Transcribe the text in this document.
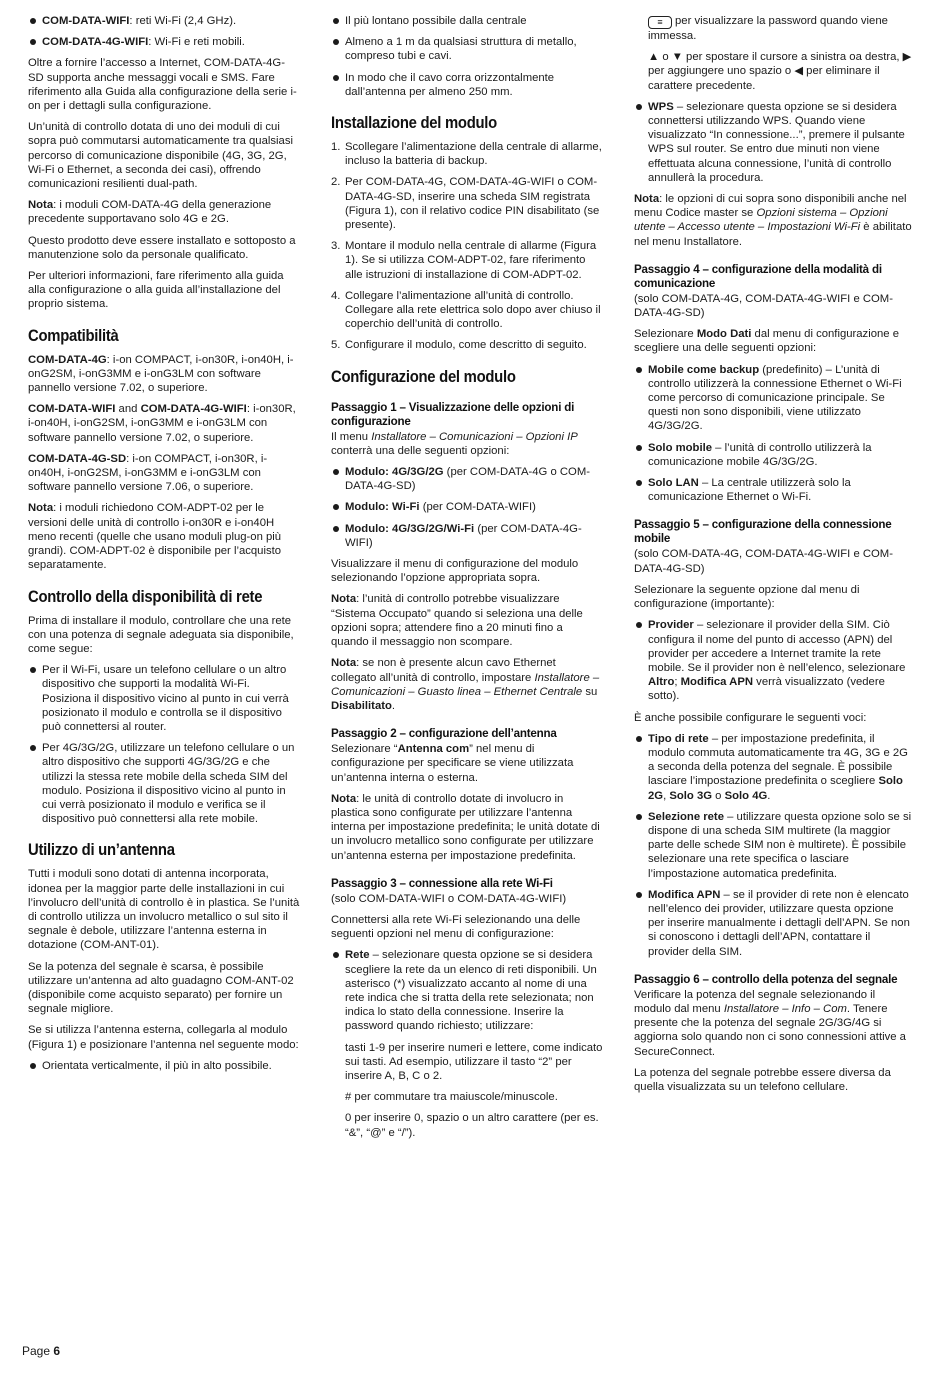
COM-DATA-WIFI: reti Wi-Fi (2,4 GHz).
COM-DATA-4G-WIFI: Wi-Fi e reti mobili.

Oltre a fornire l’accesso a Internet, COM-DATA-4G-SD supporta anche messaggi vocali e SMS. Fare riferimento alla Guida alla configurazione della serie i-on per i dettagli sulla configurazione.

Un’unità di controllo dotata di uno dei moduli di cui sopra può commutarsi automaticamente tra qualsiasi percorso di comunicazione disponibile (4G, 3G, 2G, Wi-Fi o Ethernet, a seconda dei casi), offrendo comunicazioni resilienti dual-path.

Nota: i moduli COM-DATA-4G della generazione precedente supportavano solo 4G e 2G.

Questo prodotto deve essere installato e sottoposto a manutenzione solo da personale qualificato.

Per ulteriori informazioni, fare riferimento alla guida alla configurazione o alla guida all’installazione del proprio sistema.

Compatibilità

COM-DATA-4G: i-on COMPACT, i-on30R, i-on40H, i-onG2SM, i-onG3MM e i-onG3LM con software pannello versione 7.02, o superiore.

COM-DATA-WIFI and COM-DATA-4G-WIFI: i-on30R, i-on40H, i-onG2SM, i-onG3MM e i-onG3LM con software pannello versione 7.02, o superiore.

COM-DATA-4G-SD: i-on COMPACT, i-on30R, i-on40H, i-onG2SM, i-onG3MM e i-onG3LM con software pannello versione 7.06, o superiore.

Nota: i moduli richiedono COM-ADPT-02 per le versioni delle unità di controllo i-on30R e i-on40H meno recenti (quelle che usano moduli plug-on più grandi). COM-ADPT-02 è disponibile per l’acquisto separatamente.

Controllo della disponibilità di rete

Prima di installare il modulo, controllare che una rete con una potenza di segnale adeguata sia disponibile, come segue:

Per il Wi-Fi, usare un telefono cellulare o un altro dispositivo che supporti la modalità Wi-Fi. Posiziona il dispositivo vicino al punto in cui verrà posizionato il modulo e controlla se il dispositivo può connettersi al router.
Per 4G/3G/2G, utilizzare un telefono cellulare o un altro dispositivo che supporti 4G/3G/2G e che utilizzi la stessa rete mobile della scheda SIM del modulo. Posiziona il dispositivo vicino al punto in cui verrà posizionato il modulo e verifica se il dispositivo può connettersi alla rete mobile.
Utilizzo di un’antenna

Tutti i moduli sono dotati di antenna incorporata, idonea per la maggior parte delle installazioni in cui l’involucro dell’unità di controllo è in plastica. Se l’unità di controllo utilizza un involucro metallico o sul sito il segnale è debole, utilizzare l’antenna esterna in dotazione (COM-ANT-01).

Se la potenza del segnale è scarsa, è possibile utilizzare un’antenna ad alto guadagno COM-ANT-02 (disponibile come acquisto separato) per fornire un segnale migliore.

Se si utilizza l’antenna esterna, collegarla al modulo (Figura 1) e posizionare l’antenna nel seguente modo:

Orientata verticalmente, il più in alto possibile.
Il più lontano possibile dalla centrale
Almeno a 1 m da qualsiasi struttura di metallo, compreso tubi e cavi.
In modo che il cavo corra orizzontalmente dall’antenna per almeno 250 mm.
Installazione del modulo
1. Scollegare l’alimentazione della centrale di allarme, incluso la batteria di backup.
2. Per COM-DATA-4G, COM-DATA-4G-WIFI o COM-DATA-4G-SD, inserire una scheda SIM registrata (Figura 1), con il relativo codice PIN disabilitato (se presente).
3. Montare il modulo nella centrale di allarme (Figura 1). Se si utilizza COM-ADPT-02, fare riferimento alle istruzioni di installazione di COM-ADPT-02.
4. Collegare l’alimentazione all’unità di controllo. Collegare alla rete elettrica solo dopo aver chiuso il coperchio dell’unità di controllo.
5. Configurare il modulo, come descritto di seguito.
Configurazione del modulo
Passaggio 1 – Visualizzazione delle opzioni di configurazione

Il menu Installatore – Comunicazioni – Opzioni IP conterrà una delle seguenti opzioni:

Modulo: 4G/3G/2G (per COM-DATA-4G o COM-DATA-4G-SD)
Modulo: Wi-Fi (per COM-DATA-WIFI)
Modulo: 4G/3G/2G/Wi-Fi (per COM-DATA-4G-WIFI)

Visualizzare il menu di configurazione del modulo selezionando l’opzione appropriata sopra.

Nota: l’unità di controllo potrebbe visualizzare “Sistema Occupato” quando si seleziona una delle opzioni sopra; attendere fino a 20 minuti fino a quando il messaggio non scompare.

Nota: se non è presente alcun cavo Ethernet collegato all’unità di controllo, impostare Installatore – Comunicazioni – Guasto linea – Ethernet Centrale su Disabilitato.

Passaggio 2 – configurazione dell’antenna

Selezionare “Antenna com” nel menu di configurazione per specificare se viene utilizzata un’antenna interna o esterna.

Nota: le unità di controllo dotate di involucro in plastica sono configurate per utilizzare l’antenna interna per impostazione predefinita; le unità dotate di un involucro metallico sono configurate per utilizzare un’antenna esterna per impostazione predefinita.

Passaggio 3 – connessione alla rete Wi-Fi

(solo COM-DATA-WIFI o COM-DATA-4G-WIFI)

Connettersi alla rete Wi-Fi selezionando una delle seguenti opzioni nel menu di configurazione:

Rete – selezionare questa opzione se si desidera scegliere la rete da un elenco di reti disponibili. Un asterisco (*) visualizzato accanto al nome di una rete indica che si tratta della rete selezionata; non indica lo stato della connessione. Inserire la password quando richiesto; utilizzare:

tasti 1-9 per inserire numeri e lettere, come indicato sui tasti. Ad esempio, utilizzare il tasto “2” per inserire A, B, C o 2.

# per commutare tra maiuscole/minuscole.

0 per inserire 0, spazio o un altro carattere (per es. “&”, “@” e “/”).

≡ per visualizzare la password quando viene immessa.

▲ o ▼ per spostare il cursore a sinistra oa destra, ▶ per aggiungere uno spazio o ◀ per eliminare il carattere precedente.

WPS – selezionare questa opzione se si desidera connettersi utilizzando WPS. Quando viene visualizzato “In connessione...”, premere il pulsante WPS sul router. Se entro due minuti non viene effettuata alcuna connessione, l’unità di controllo annullerà la procedura.

Nota: le opzioni di cui sopra sono disponibili anche nel menu Codice master se Opzioni sistema – Opzioni utente – Accesso utente – Impostazioni Wi-Fi è abilitato nel menu Installatore.

Passaggio 4 – configurazione della modalità di comunicazione

(solo COM-DATA-4G, COM-DATA-4G-WIFI e COM-DATA-4G-SD)

Selezionare Modo Dati dal menu di configurazione e scegliere una delle seguenti opzioni:

Mobile come backup (predefinito) – L’unità di controllo utilizzerà la connessione Ethernet o Wi-Fi come percorso di comunicazione principale. Se questi non sono disponibili, viene utilizzato 4G/3G/2G.
Solo mobile – l’unità di controllo utilizzerà la comunicazione mobile 4G/3G/2G.
Solo LAN – La centrale utilizzerà solo la comunicazione Ethernet o Wi-Fi.
Passaggio 5 – configurazione della connessione mobile

(solo COM-DATA-4G, COM-DATA-4G-WIFI e COM-DATA-4G-SD)

Selezionare la seguente opzione dal menu di configurazione (importante):

Provider – selezionare il provider della SIM. Ciò configura il nome del punto di accesso (APN) del provider per accedere a Internet tramite la rete mobile. Se il provider non è nell’elenco, selezionare Altro; Modifica APN verrà visualizzato (vedere sotto).

È anche possibile configurare le seguenti voci:

Tipo di rete – per impostazione predefinita, il modulo commuta automaticamente tra 4G, 3G e 2G a seconda della potenza del segnale. È possibile lasciare l’impostazione predefinita o scegliere Solo 2G, Solo 3G o Solo 4G.
Selezione rete – utilizzare questa opzione solo se si dispone di una scheda SIM multirete (la maggior parte delle schede SIM non è multirete). È possibile selezionare una rete specifica o lasciare l’impostazione automatica predefinita.
Modifica APN – se il provider di rete non è elencato nell’elenco dei provider, utilizzare questa opzione per inserire manualmente i dettagli dell’APN. Se non si conoscono i dettagli dell’APN, contattare il provider della SIM.
Passaggio 6 – controllo della potenza del segnale

Verificare la potenza del segnale selezionando il modulo dal menu Installatore – Info – Com. Tenere presente che la potenza del segnale 2G/3G/4G si aggiorna solo quando non ci sono connessioni attive a SecureConnect.

La potenza del segnale potrebbe essere diversa da quella visualizzata su un telefono cellulare.

Page 6
